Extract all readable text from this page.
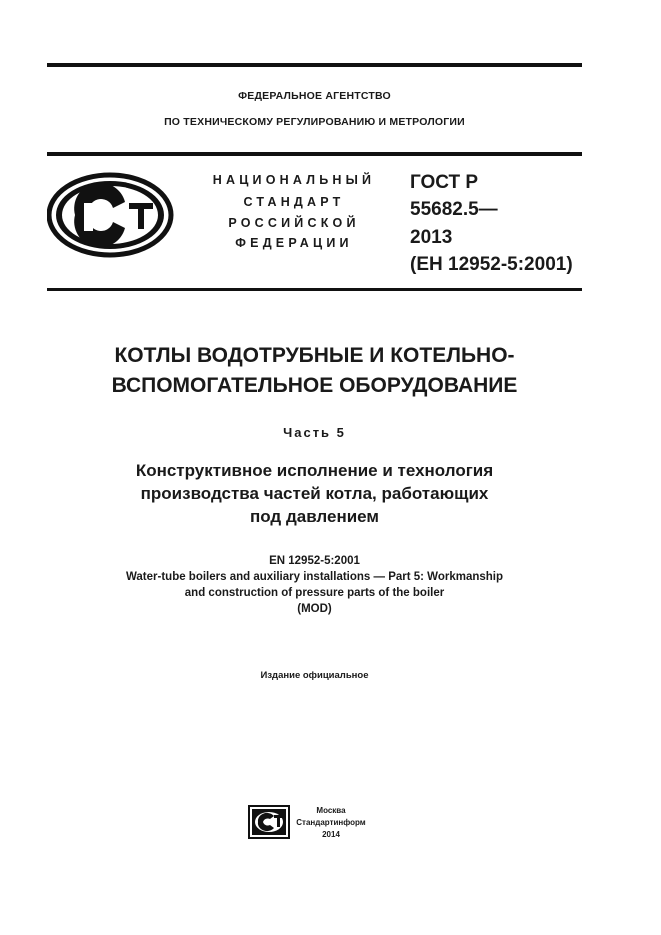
ФЕДЕРАЛЬНОЕ АГЕНТСТВО
ПО ТЕХНИЧЕСКОМУ РЕГУЛИРОВАНИЮ И МЕТРОЛОГИИ
НАЦИОНАЛЬНЫЙ
СТАНДАРТ
РОССИЙСКОЙ
ФЕДЕРАЦИИ
ГОСТ Р
55682.5—
2013
(ЕН 12952-5:2001)
КОТЛЫ ВОДОТРУБНЫЕ И КОТЕЛЬНО-
ВСПОМОГАТЕЛЬНОЕ ОБОРУДОВАНИЕ
Часть 5
Конструктивное исполнение и технология
производства частей котла, работающих
под давлением
EN 12952-5:2001
Water-tube boilers and auxiliary installations — Part 5: Workmanship
and construction of pressure parts of the boiler
(MOD)
Издание официальное
Москва
Стандартинформ
2014
